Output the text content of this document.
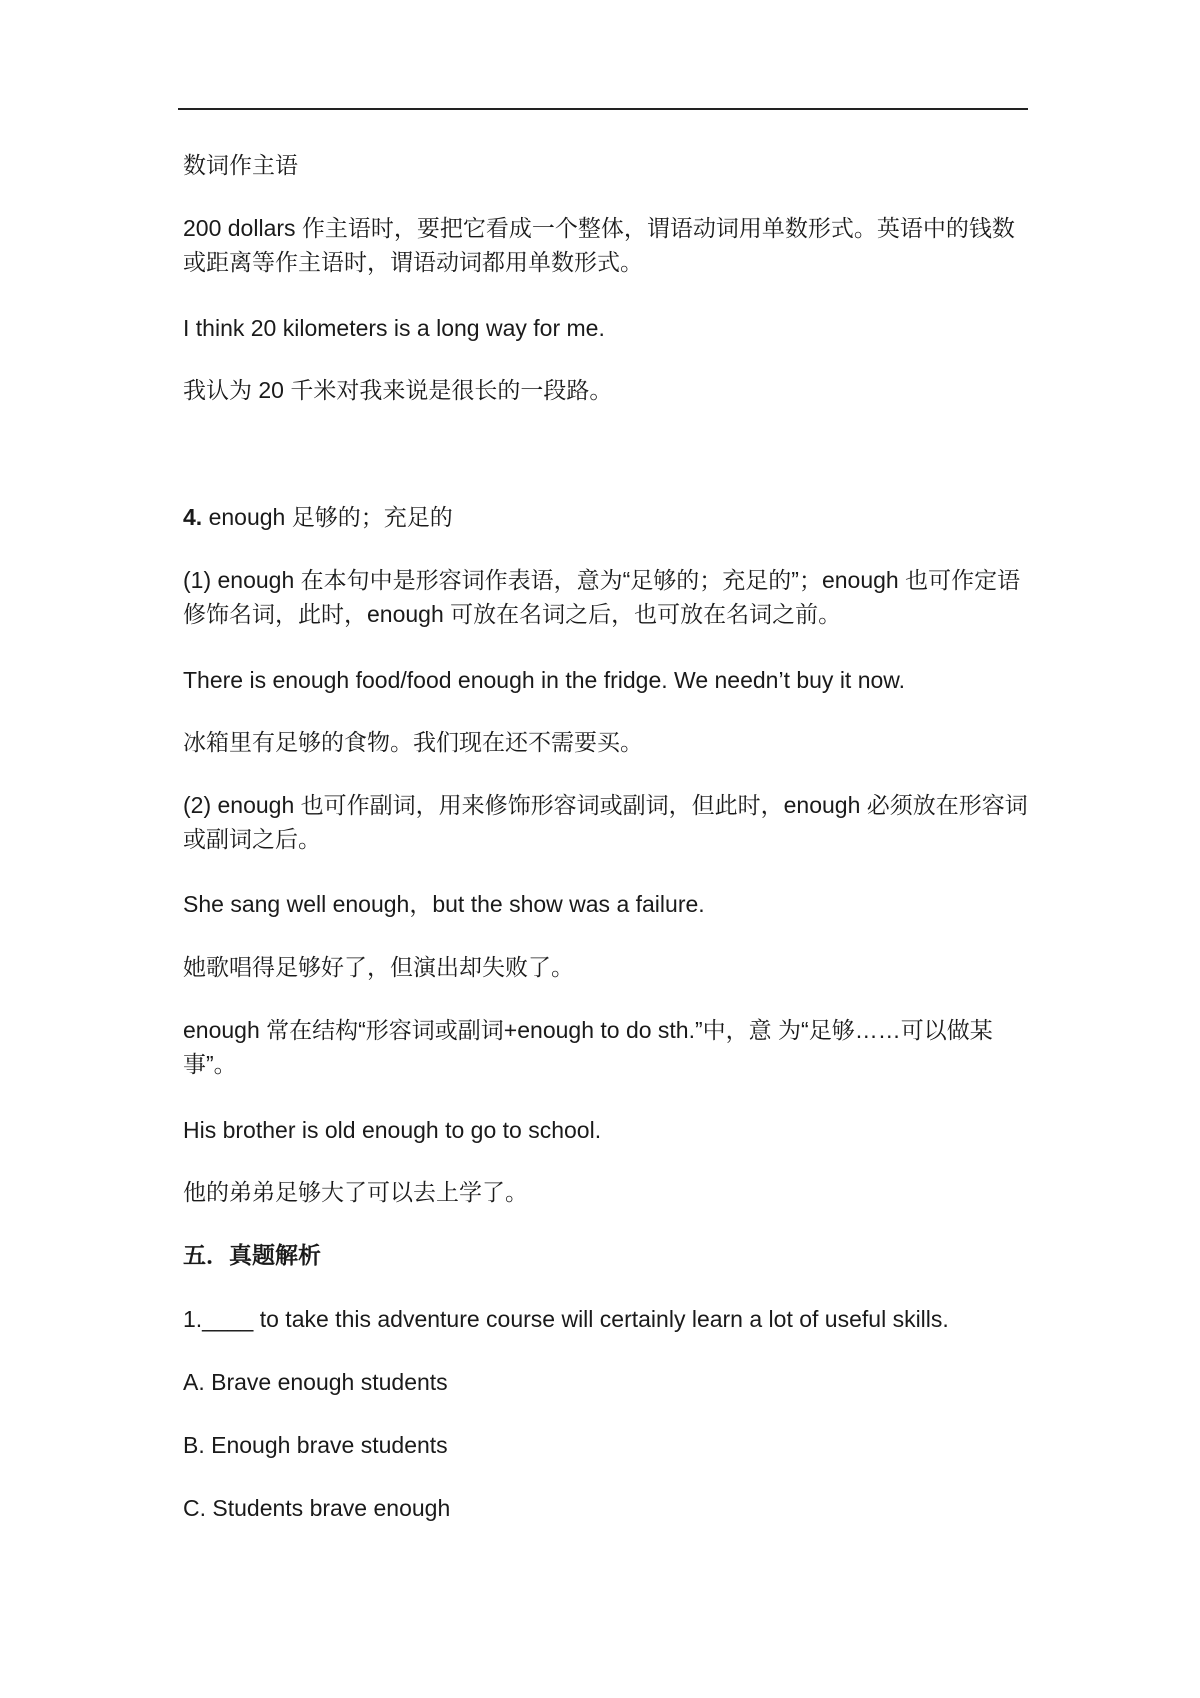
数词作主语
200 dollars 作主语时，要把它看成一个整体，谓语动词用单数形式。英语中的钱数或距离等作主语时，谓语动词都用单数形式。
I think 20 kilometers is a long way for me.
我认为 20 千米对我来说是很长的一段路。
4. enough 足够的；充足的
(1) enough 在本句中是形容词作表语，意为“足够的；充足的”；enough 也可作定语修饰名词，此时，enough 可放在名词之后，也可放在名词之前。
There is enough food/food enough in the fridge. We needn’t buy it now.
冰箱里有足够的食物。我们现在还不需要买。
(2) enough 也可作副词，用来修饰形容词或副词，但此时，enough 必须放在形容词或副词之后。
She sang well enough，but the show was a failure.
她歌唱得足够好了，但演出却失败了。
enough 常在结构“形容词或副词+enough to do sth.”中，意 为“足够……可以做某事”。
His brother is old enough to go to school.
他的弟弟足够大了可以去上学了。
五．真题解析
1.____ to take this adventure course will certainly learn a lot of useful skills.
A. Brave enough students
B. Enough brave students
C. Students brave enough
